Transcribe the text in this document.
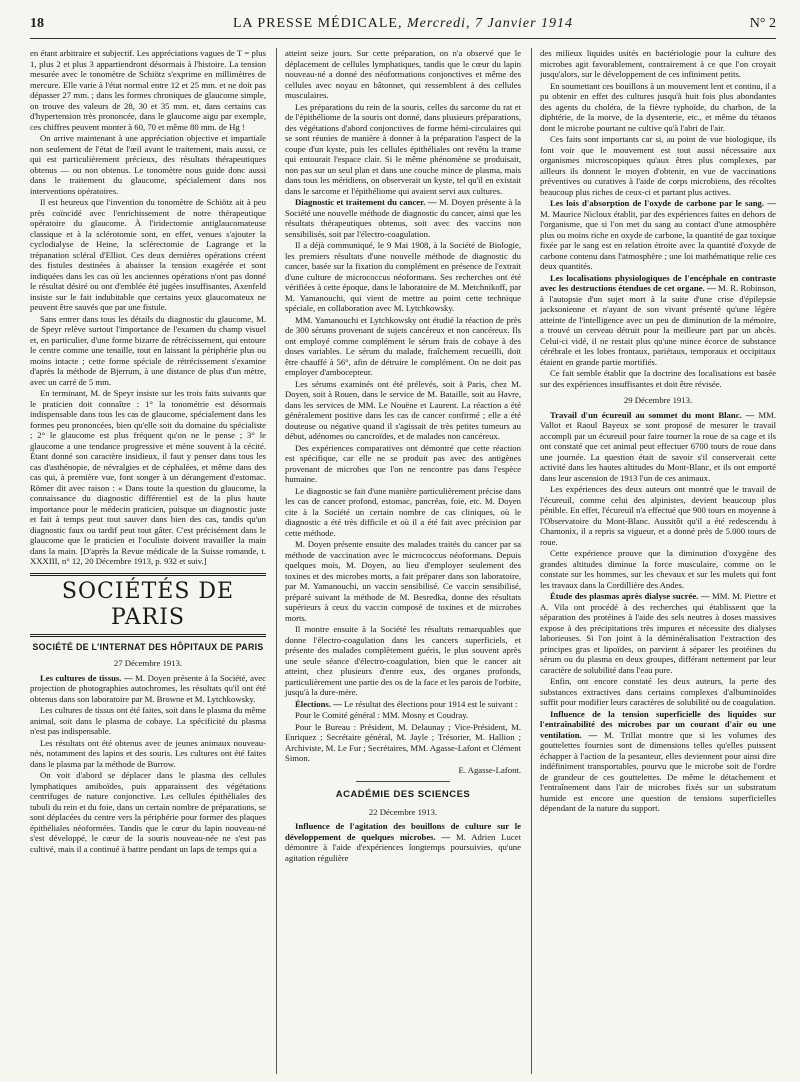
18	LA PRESSE MÉDICALE, Mercredi, 7 Janvier 1914	N° 2

en étant arbitraire et subjectif. Les appréciations vagues de T = plus 1, plus 2 et plus 3 appartiendront désormais à l'histoire. La tension mesurée avec le tonomètre de Schiötz s'exprime en millimètres de mercure. Elle varie à l'état normal entre 12 et 25 mm. et ne doit pas dépasser 27 mm. ; dans les formes chroniques de glaucome simple, on trouve des valeurs de 28, 30 et 35 mm. et, dans certains cas d'hypertension très prononcée, dans le glaucome aigu par exemple, ces chiffres peuvent monter à 60, 70 et même 80 mm. de Hg !

On arrive maintenant à une appréciation objective et impartiale non seulement de l'état de l'œil avant le traitement, mais aussi, ce qui est particulièrement précieux, des résultats thérapeutiques obtenus — ou non obtenus. Le tonomètre nous guide donc aussi dans le traitement du glaucome, spécialement dans nos interventions opératoires.

Il est heureux que l'invention du tonomètre de Schiötz ait à peu près coïncidé avec l'enrichissement de notre thérapeutique opératoire du glaucome. À l'iridectomie antiglaucomateuse classique et à la sclérotomie sont, en effet, venues s'ajouter la cyclodialyse de Heine, la sclérectomie de Lagrange et la trépanation scléral d'Elliot. Ces deux dernières opérations créent des fistules destinées à abaisser la tension exagérée et sont indiquées dans les cas où les anciennes opérations n'ont pas donné le résultat désiré ou ont d'emblée été jugées insuffisantes. Axenfeld insiste sur le fait indubitable que certains yeux glaucomateux ne peuvent être sauvés que par une fistule.

Sans entrer dans tous les détails du diagnostic du glaucome, M. de Speyr relève surtout l'importance de l'examen du champ visuel et, en particulier, d'une forme bizarre de rétrécissement, qui entoure le centre comme une tenaille, tout en laissant la périphérie plus ou moins intacte ; cette forme spéciale de rétrécissement s'examine d'après la méthode de Bjerrum, à une distance de plus d'un mètre, avec un carré de 5 mm.

En terminant, M. de Speyr insiste sur les trois faits suivants que le praticien doit connaître : 1° la tonométrie est désormais indispensable dans tous les cas de glaucome, spécialement dans les formes peu prononcées, bien qu'elle soit du domaine du spécialiste ; 2° le glaucome est plus fréquent qu'on ne le pense ; 3° le glaucome a une tendance progressive et mène souvent à la cécité. Étant donné son caractère insidieux, il faut y penser dans tous les cas d'asthénopie, de névralgies et de céphalées, et même dans des cas qui, à première vue, font songer à un dérangement d'estomac. Römer dit avec raison : « Dans toute la question du glaucome, la connaissance du diagnostic différentiel est de la plus haute importance pour le médecin praticien, puisque un diagnostic juste et fait à temps peut tout sauver dans bien des cas, tandis qu'un diagnostic faux ou tardif peut tout gâter. C'est précisément dans le glaucome que le praticien et l'oculiste doivent travailler la main dans la main. [D'après la Revue médicale de la Suisse romande, t. XXXIII, n° 12, 20 Décembre 1913, p. 932 et suiv.]

SOCIÉTÉS DE PARIS
SOCIÉTÉ DE L'INTERNAT DES HÔPITAUX DE PARIS

27 Décembre 1913.

Les cultures de tissus. — M. Doyen présente à la Société, avec projection de photographies autochromes, les résultats qu'il ont été obtenus dans son laboratoire par M. Browne et M. Lytchkowsky.

Les cultures de tissus ont été faites, soit dans le plasma du même animal, soit dans le plasma de cobaye. La spécificité du plasma n'est pas indispensable.

Les résultats ont été obtenus avec de jeunes animaux nouveau-nés, notamment des lapins et des souris. Les cultures ont été faites dans le plasma par la méthode de Burrow.

On voit d'abord se déplacer dans le plasma des cellules lymphatiques amiboïdes, puis apparaissent des végétations centrifuges de nature conjonctive. Les cellules épithéliales des tubuli du rein et du foie, dans un certain nombre de préparations, se sont déplacées du centre vers la périphérie pour former des plaques épithéliales néoformées. Tandis que le cœur du lapin nouveau-né s'est développé, le cœur de la souris nouveau-née ne s'est pas cultivé, mais il a continué à battre pendant un laps de temps qui a

atteint seize jours. Sur cette préparation, on n'a observé que le déplacement de cellules lymphatiques, tandis que le cœur du lapin nouveau-né a donné des néoformations conjonctives et même des cellules avec noyau en bâtonnet, qui ressemblent à des cellules musculaires.

Les préparations du rein de la souris, celles du sarcome du rat et de l'épithéliome de la souris ont donné, dans plusieurs préparations, des végétations d'abord conjonctives de forme hémi-circulaires qui se sont réunies de manière à donner à la préparation l'aspect de la coupe d'un kyste, puis les cellules épithéliales ont revêtu la trame qui entourait l'espace clair. Si le même phénomène se produisait, non pas sur un seul plan et dans une couche mince de plasma, mais dans tous les méridiens, on observerait un kyste, tel qu'il en existait dans le sarcome et l'épithéliome qui avaient servi aux cultures.

Diagnostic et traitement du cancer. — M. Doyen présente à la Société une nouvelle méthode de diagnostic du cancer, ainsi que les résultats thérapeutiques obtenus, soit avec des vaccins non sensibilisés, soit par l'électro-coagulation.

Il a déjà communiqué, le 9 Mai 1908, à la Société de Biologie, les premiers résultats d'une nouvelle méthode de diagnostic du cancer, basée sur la fixation du complément en présence de l'extrait d'une culture de micrococcus néoformans. Ses recherches ont été vérifiées à cette époque, dans le laboratoire de M. Metchnikoff, par M. Yamanouchi, qui vient de mettre au point cette technique spéciale, en collaboration avec M. Lytchkowsky.

MM. Yamanouchi et Lytchkowsky ont étudié la réaction de près de 300 sérums provenant de sujets cancéreux et non cancéreux. Ils ont employé comme complément le sérum frais de cobaye à des doses variables. Le sérum du malade, fraîchement recueilli, doit être chauffé à 56°, afin de détruire le complément. On ne doit pas employer d'ambocepteur.

Les sérums examinés ont été prélevés, soit à Paris, chez M. Doyen, soit à Rouen, dans le service de M. Bataille, soit au Havre, dans les services de MM. Le Nouëne et Laurent. La réaction a été généralement positive dans les cas de cancer confirmé ; elle a été douteuse ou négative quand il s'agissait de très petites tumeurs au début, adénomes ou cancroïdes, et de malades non cancéreux.

Des expériences comparatives ont démontré que cette réaction est spécifique, car elle ne se produit pas avec des antigènes provenant de microbes que l'on ne rencontre pas dans l'espèce humaine.

Le diagnostic se fait d'une manière particulièrement précise dans les cas de cancer profond, estomac, pancréas, foie, etc. M. Doyen cite à la Société un certain nombre de cas cliniques, où le diagnostic a été très difficile et où il a été fait avec précision par cette méthode.

M. Doyen présente ensuite des malades traités du cancer par sa méthode de vaccination avec le micrococcus néoformans. Depuis quelques mois, M. Doyen, au lieu d'employer seulement des toxines et des microbes morts, a fait préparer dans son laboratoire, par M. Yamanouchi, un vaccin sensibilisé. Ce vaccin sensibilisé, préparé suivant la méthode de M. Besredka, donne des résultats supérieurs à ceux du vaccin composé de toxines et de microbes morts.

Il montre ensuite à la Société les résultats remarquables que donne l'électro-coagulation dans les cancers superficiels, et présente des malades complètement guéris, le plus souvent après une seule séance d'électro-coagulation, bien que le cancer ait atteint, chez plusieurs d'entre eux, des organes profonds, particulièrement une partie des os de la face et les parois de l'orbite, jusqu'à la dure-mère.

Élections. — Le résultat des élections pour 1914 est le suivant :

Pour le Comité général : MM. Mosny et Coudray.

Pour le Bureau : Président, M. Delaunay ; Vice-Président, M. Enriquez ; Secrétaire général, M. Jayle ; Trésorier, M. Hallion ; Archiviste, M. Le Fur ; Secrétaires, MM. Agasse-Lafont et Clément Simon.

E. Agasse-Lafont.

ACADÉMIE DES SCIENCES

22 Décembre 1913.

Influence de l'agitation des bouillons de culture sur le développement de quelques microbes. — M. Adrien Lucet démontre à l'aide d'expériences longtemps poursuivies, qu'une agitation régulière

des milieux liquides usités en bactériologie pour la culture des microbes agit favorablement, contrairement à ce que l'on croyait jusqu'alors, sur le développement de ces infiniment petits.

En soumettant ces bouillons à un mouvement lent et continu, il a pu obtenir en effet des cultures jusqu'à huit fois plus abondantes des agents du choléra, de la fièvre typhoïde, du charbon, de la diphtérie, de la morve, de la dysenterie, etc., et même du tétanos dont le microbe pourtant ne cultive qu'à l'abri de l'air.

Ces faits sont importants car si, au point de vue biologique, ils font voir que le mouvement est tout aussi nécessaire aux organismes microscopiques qu'aux êtres plus complexes, par ailleurs ils donnent le moyen d'obtenir, en vue de vaccinations préventives ou curatives à l'aide de corps microbiens, des récoltes beaucoup plus riches de ceux-ci et partant plus actives.

Les lois d'absorption de l'oxyde de carbone par le sang. — M. Maurice Nicloux établit, par des expériences faites en dehors de l'organisme, que si l'on met du sang au contact d'une atmosphère plus ou moins riche en oxyde de carbone, la quantité de gaz toxique fixée par le sang est en relation étroite avec la quantité d'oxyde de carbone contenu dans l'atmosphère ; une loi mathématique relie ces deux quantités.

Les localisations physiologiques de l'encéphale en contraste avec les destructions étendues de cet organe. — M. R. Robinson, à l'autopsie d'un sujet mort à la suite d'une crise d'épilepsie jacksonienne et n'ayant de son vivant présenté qu'une légère atteinte de l'intelligence avec un peu de diminution de la mémoire, a trouvé un cerveau détruit pour la meilleure part par un abcès. Celui-ci vidé, il ne restait plus qu'une mince écorce de substance cérébrale et les lobes frontaux, pariétaux, temporaux et occipitaux étaient en grande partie mortifiés.

Ce fait semble établir que la doctrine des localisations est basée sur des expériences insuffisantes et doit être révisée.

29 Décembre 1913.

Travail d'un écureuil au sommet du mont Blanc. — MM. Vallot et Raoul Bayeux se sont proposé de mesurer le travail accompli par un écureuil pour faire tourner la roue de sa cage et ils ont constaté que cet animal peut effectuer 6700 tours de roue dans une journée. La question était de savoir s'il conserverait cette activité dans les hautes altitudes du Mont-Blanc, et ils ont emporté dans leur ascension de 1913 l'un de ces animaux.

Les expériences des deux auteurs ont montré que le travail de l'écureuil, comme celui des alpinistes, devient beaucoup plus pénible. En effet, l'écureuil n'a effectué que 900 tours en moyenne à l'Observatoire du Mont-Blanc. Aussitôt qu'il a été redescendu à Chamonix, il a repris sa vigueur, et a donné près de 5.000 tours de roue.

Cette expérience prouve que la diminution d'oxygène des grandes altitudes diminue la force musculaire, comme on le constate sur les hommes, sur les chevaux et sur les mulets qui font les travaux dans la Cordillière des Andes.

Étude des plasmas après dialyse sucrée. — MM. M. Piettre et A. Vila ont procédé à des recherches qui établissent que la séparation des protéines à l'aide des sels neutres à doses massives expose à des précipitations très impures et nécessite des dialyses laborieuses. Si l'on joint à la déminéralisation l'extraction des principes gras et lipoïdes, on parvient à séparer les protéines du sérum ou du plasma en deux groupes, différant nettement par leur caractère de solubilité dans l'eau pure.

Enfin, ont encore constaté les deux auteurs, la perte des substances extractives dans certains complexes d'albuminoïdes suffit pour modifier leurs caractères de solubilité ou de coagulation.

Influence de la tension superficielle des liquides sur l'entraînabilité des microbes par un courant d'air ou une ventilation. — M. Trillat montre que si les volumes des gouttelettes fournies sont de dimensions telles qu'elles puissent échapper à l'action de la pesanteur, elles deviennent pour ainsi dire indéfiniment transportables, pourvu que le microbe soit de l'ordre de grandeur de ces gouttelettes. De même le détachement et l'entraînement dans l'air de microbes fixés sur un substratum humide est encore une question de tensions superficielles dépendant de la nature du support.
